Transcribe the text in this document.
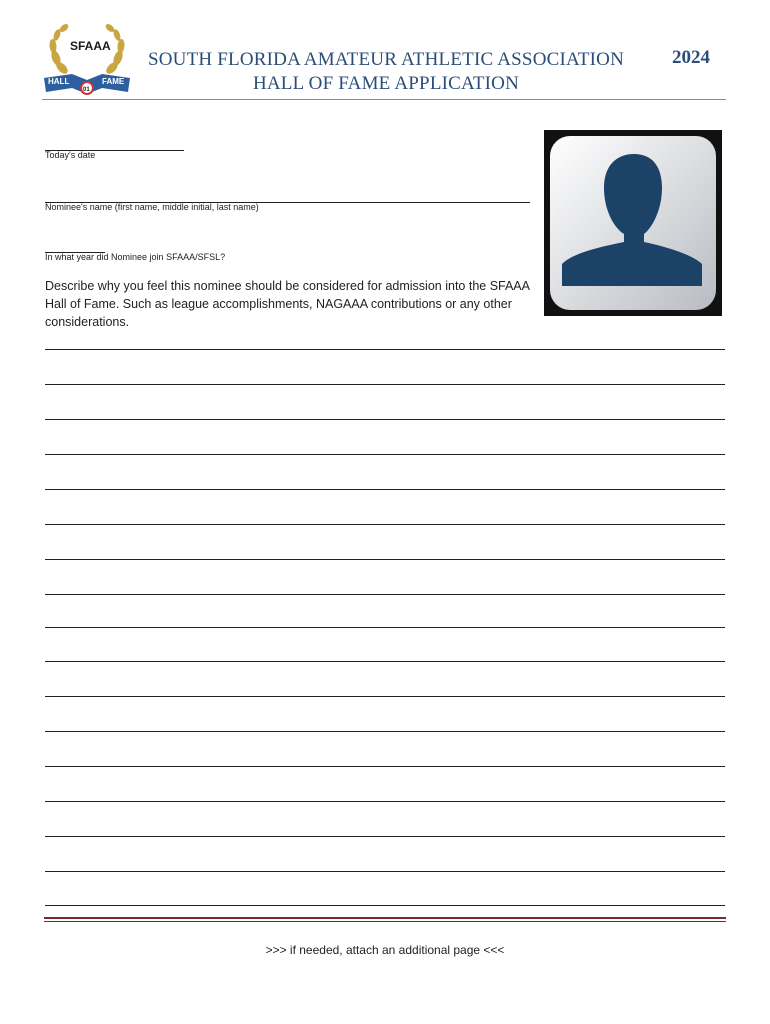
SFAAA
HALL	FAME
01
SOUTH FLORIDA AMATEUR ATHLETIC ASSOCIATION
HALL OF FAME APPLICATION
2024
Today's date
Nominee's name (first name, middle initial, last name)
In what year did Nominee join SFAAA/SFSL?
Describe why you feel this nominee should be considered for admission into the SFAAA Hall of Fame. Such as league accomplishments, NAGAAA contributions or any other considerations.
>>> if needed, attach an additional page <<<
